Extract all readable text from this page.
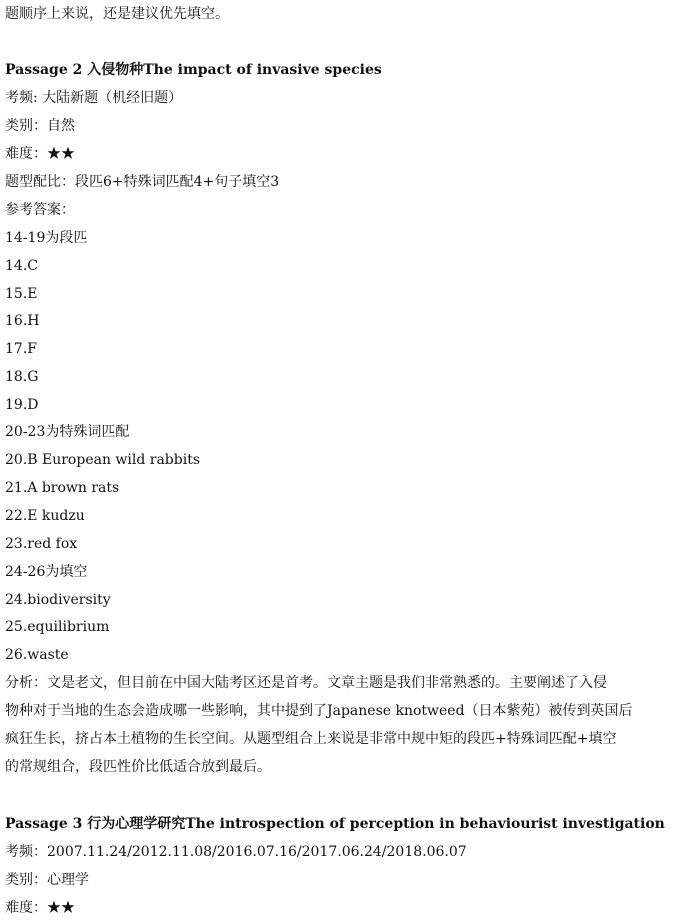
题顺序上来说，还是建议优先填空。
Passage 2 入侵物种The impact of invasive species
考频: 大陆新题（机经旧题）
类别：自然
难度：★★
题型配比：段匹6+特殊词匹配4+句子填空3
参考答案：
14-19为段匹
14.C
15.E
16.H
17.F
18.G
19.D
20-23为特殊词匹配
20.B European wild rabbits
21.A brown rats
22.E kudzu
23.red fox
24-26为填空
24.biodiversity
25.equilibrium
26.waste
分析：文是老文，但目前在中国大陆考区还是首考。文章主题是我们非常熟悉的。主要阐述了入侵
物种对于当地的生态会造成哪一些影响，其中提到了Japanese knotweed（日本紫苑）被传到英国后
疯狂生长，挤占本土植物的生长空间。从题型组合上来说是非常中规中矩的段匹+特殊词匹配+填空
的常规组合，段匹性价比低适合放到最后。
Passage 3 行为心理学研究The introspection of perception in behaviourist investigation
考频：2007.11.24/2012.11.08/2016.07.16/2017.06.24/2018.06.07
类别：心理学
难度：★★
